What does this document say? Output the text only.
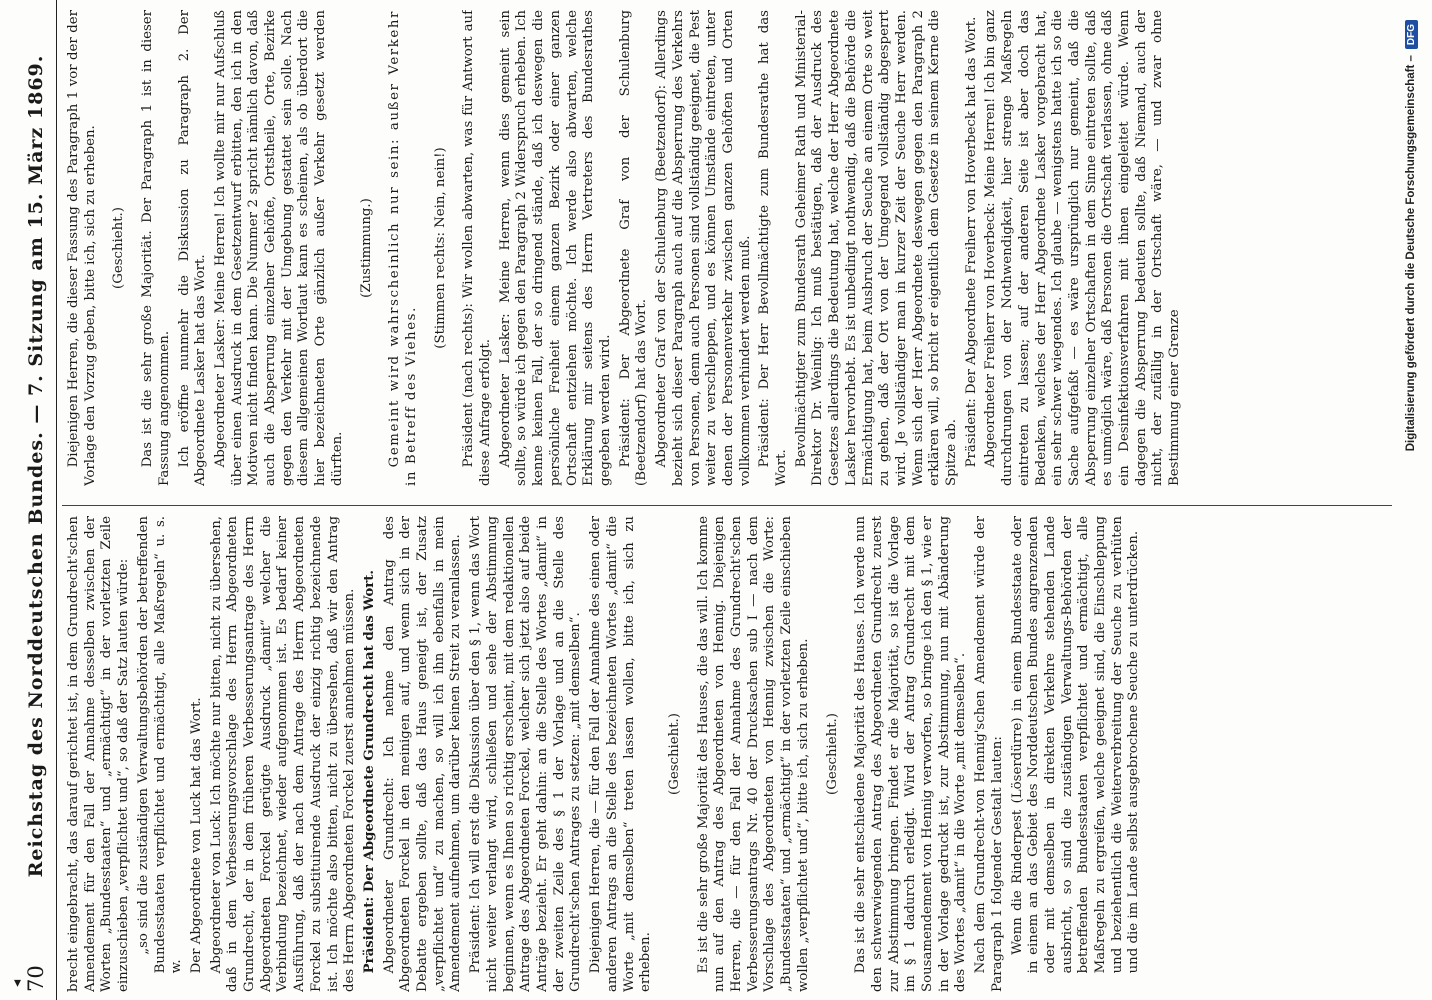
70
Reichstag des Norddeutschen Bundes. — 7. Sitzung am 15. März 1869. brecht eingebracht, das darauf gerichtet ist, in dem Grundrecht'schen Amendement für den Fall der Annahme desselben zwischen der Worten „Bundesstaaten“ und „ermächtigt“ in der vorletzten Zeile einzuschieben „verpflichtet und“, so daß der Satz lauten würde: „so sind die zuständigen Verwaltungsbehörden der betreffenden Bundesstaaten verpflichtet und ermächtigt, alle Maßregeln“ u. s. w. Der Abgeordnete von Luck hat das Wort. Abgeordneter von Luck: Ich möchte nur bitten, nicht zu übersehen, daß in dem Verbesserungsvorschlage des Herrn Abgeordneten Grundrecht, der in dem früheren Verbesserungsantrage des Herrn Abgeordneten Forckel gerügte Ausdruck „damit“ welcher die Verbindung bezeichnet, wieder aufgenommen ist. Es bedarf keiner Ausführung, daß der nach dem Antrage des Herrn Abgeordneten Forckel zu substituirende Ausdruck der einzig richtig bezeichnende ist. Ich möchte also bitten, nicht zu übersehen, daß wir den Antrag des Herrn Abgeordneten Forckel zuerst annehmen müssen. Präsident: Der Abgeordnete Grundrecht hat das Wort. Abgeordneter Grundrecht: Ich nehme den Antrag des Abgeordneten Forckel in den meinigen auf, und wenn sich in der Debatte ergeben sollte, daß das Haus geneigt ist, der Zusatz „verpflichtet und“ zu machen, so will ich ihn ebenfalls in mein Amendement aufnehmen, um darüber keinen Streit zu veranlassen. Präsident: Ich will erst die Diskussion über den § 1, wenn das Wort nicht weiter verlangt wird, schließen und sehe der Abstimmung beginnen, wenn es Ihnen so richtig erscheint, mit dem redaktionellen Antrage des Abgeordneten Forckel, welcher sich jetzt also auf beide Anträge bezieht. Er geht dahin: an die Stelle des Wortes „damit“ in der zweiten Zeile des § 1 der Vorlage und an die Stelle des Grundrecht'schen Antrages zu setzen: „mit demselben“. Diejenigen Herren, die — für den Fall der Annahme des einen oder anderen Antrags an die Stelle des bezeichneten Wortes „damit“ die Worte „mit demselben“ treten lassen wollen, bitte ich, sich zu erheben.

(Geschieht.) Es ist die sehr große Majorität des Hauses, die das will. Ich komme nun auf den Antrag des Abgeordneten von Hennig. Diejenigen Herren, die — für den Fall der Annahme des Grundrecht'schen Verbesserungsantrags Nr. 40 der Drucksachen sub I — nach dem Vorschlage des Abgeordneten von Hennig zwischen die Worte: „Bundesstaaten“ und „ermächtigt“ in der vorletzten Zeile einschieben wollen „verpflichtet und“, bitte ich, sich zu erheben. (Geschieht.) Das ist die sehr entschiedene Majorität des Hauses. Ich werde nun den schwerwiegenden Antrag des Abgeordneten Grundrecht zuerst zur Abstimmung bringen. Findet er die Majorität, so ist die Vorlage im § 1 dadurch erledigt. Wird der Antrag Grundrecht mit dem Sousamendement von Hennig verworfen, so bringe ich den § 1, wie er in der Vorlage gedruckt ist, zur Abstimmung, nun mit Abänderung des Wortes „damit“ in die Worte „mit demselben“. Nach dem Grundrecht-von Hennig'schen Amendement würde der Paragraph 1 folgender Gestalt lauten: Wenn die Rinderpest (Löserdürre) in einem Bundesstaate oder in einem an das Gebiet des Norddeutschen Bundes angrenzenden oder mit demselben in direkten Verkehre stehenden Lande ausbricht, so sind die zuständigen Verwaltungs-Behörden der betreffenden Bundesstaaten verpflichtet und ermächtigt, alle Maßregeln zu ergreifen, welche geeignet sind, die Einschleppung und beziehentlich die Weiterverbreitung der Seuche zu verhüten und die im Lande selbst ausgebrochene Seuche zu unterdrücken.

Diejenigen Herren, die dieser Fassung des Paragraph 1 vor der der Vorlage den Vorzug geben, bitte ich, sich zu erheben. (Geschieht.) Das ist die sehr große Majorität. Der Paragraph 1 ist in dieser Fassung angenommen. Ich eröffne nunmehr die Diskussion zu Paragraph 2. Der Abgeordnete Lasker hat das Wort. Abgeordneter Lasker: Meine Herren! Ich wollte mir nur Aufschluß über einen Ausdruck in dem Gesetzentwurf erbitten, den ich in den Motiven nicht finden kann. Die Nummer 2 spricht nämlich davon, daß auch die Absperrung einzelner Gehöfte, Ortstheile, Orte, Bezirke gegen den Verkehr mit der Umgebung gestattet sein solle. Nach diesem allgemeinen Wortlaut kann es scheinen, als ob überdort die hier bezeichneten Orte gänzlich außer Verkehr gesetzt werden dürften.

(Zustimmung.) Gemeint wird wahrscheinlich nur sein: außer Verkehr in Betreff des Viehes.

(Stimmen rechts: Nein, nein!) Präsident (nach rechts): Wir wollen abwarten, was für Antwort auf diese Anfrage erfolgt. Abgeordneter Lasker: Meine Herren, wenn dies gemeint sein sollte, so würde ich gegen den Paragraph 2 Widerspruch erheben. Ich kenne keinen Fall, der so dringend stände, daß ich deswegen die persönliche Freiheit einem ganzen Bezirk oder einer ganzen Ortschaft entziehen möchte. Ich werde also abwarten, welche Erklärung mir seitens des Herrn Vertreters des Bundesrathes gegeben werden wird. Präsident: Der Abgeordnete Graf von der Schulenburg (Beetzendorf) hat das Wort. Abgeordneter Graf von der Schulenburg (Beetzendorf): Allerdings bezieht sich dieser Paragraph auch auf die Absperrung des Verkehrs von Personen, denn auch Personen sind vollständig geeignet, die Pest weiter zu verschleppen, und es können Umstände eintreten, unter denen der Personenverkehr zwischen ganzen Gehöften und Orten vollkommen verhindert werden muß. Präsident: Der Herr Bevollmächtigte zum Bundesrathe hat das Wort.

Bevollmächtigter zum Bundesrath Geheimer Rath und Ministerial-Direktor Dr. Weinlig: Ich muß bestätigen, daß der Ausdruck des Gesetzes allerdings die Bedeutung hat, welche der Herr Abgeordnete Lasker hervorhebt. Es ist unbedingt nothwendig, daß die Behörde die Ermächtigung hat, beim Ausbruch der Seuche an einem Orte so weit zu gehen, daß der Ort von der Umgegend vollständig abgesperrt wird. Je vollständiger man in kurzer Zeit der Seuche Herr werden. Wenn sich der Herr Abgeordnete deswegen gegen den Paragraph 2 erklären will, so bricht er eigentlich dem Gesetze in seinem Kerne die Spitze ab. Präsident: Der Abgeordnete Freiherr von Hoverbeck hat das Wort. Abgeordneter Freiherr von Hoverbeck: Meine Herren! Ich bin ganz durchdrungen von der Nothwendigkeit, hier strenge Maßregeln eintreten zu lassen; auf der anderen Seite ist aber doch das Bedenken, welches der Herr Abgeordnete Lasker vorgebracht hat, ein sehr schwer wiegendes. Ich glaube — wenigstens hatte ich so die Sache aufgefaßt — es wäre ursprünglich nur gemeint, daß die Absperrung einzelner Ortschaften in dem Sinne eintreten sollte, daß es unmöglich wäre, daß Personen die Ortschaft verlassen, ohne daß ein Desinfektionsverfahren mit ihnen eingeleitet würde. Wenn dagegen die Absperrung bedeuten sollte, daß Niemand, auch der nicht, der zufällig in der Ortschaft wäre, — und zwar ohne Bestimmung einer Grenze	Digitalisierung gefördert durch die Deutsche Forschungsgemeinschaft –
DFG
▾
